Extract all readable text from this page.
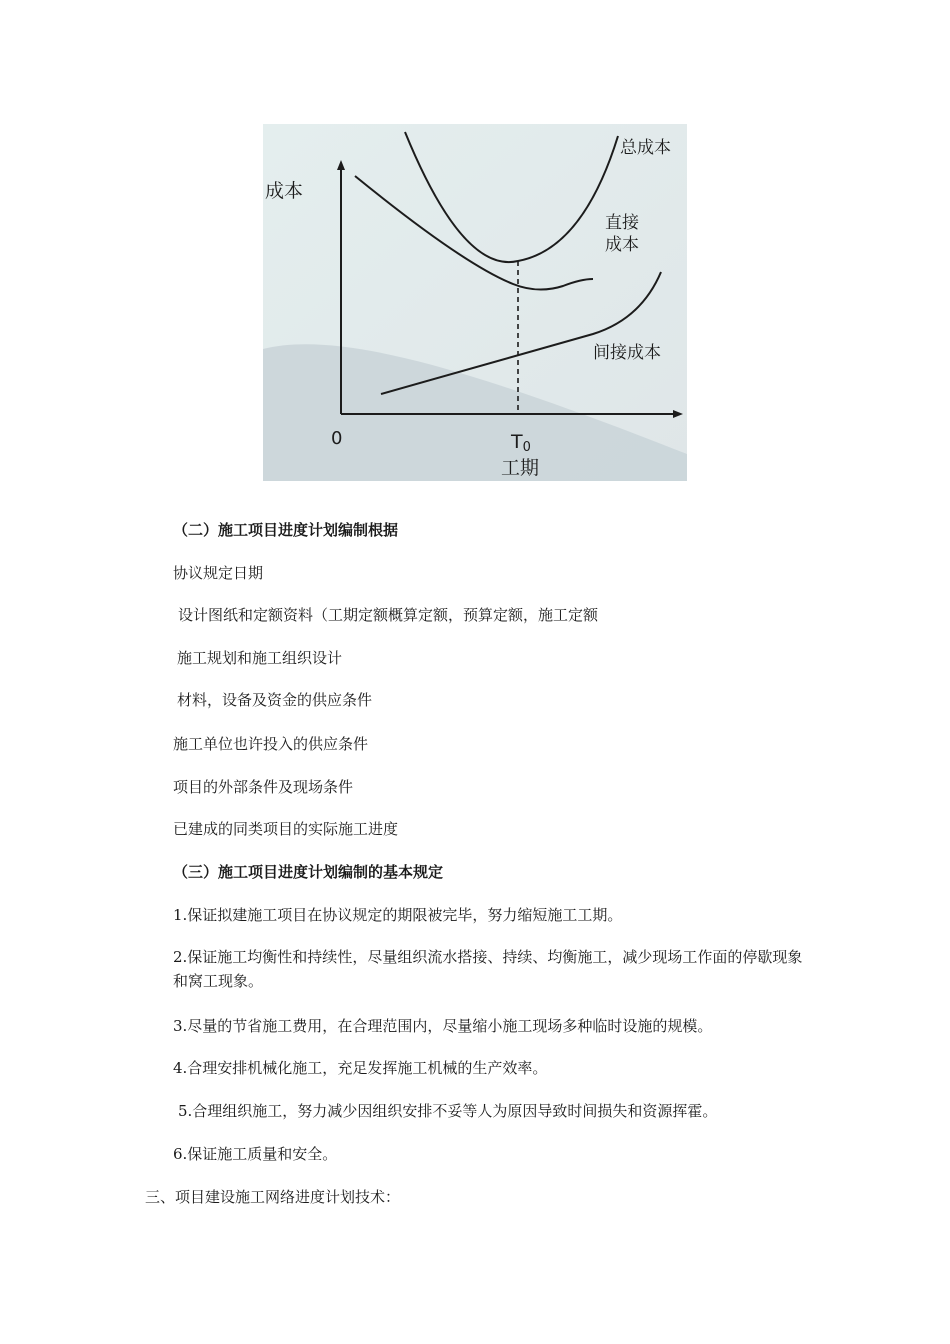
成本
0	T0
工期
总成本
直接
成本
间接成本
（二）施工项目进度计划编制根据
协议规定日期
设计图纸和定额资料（工期定额概算定额，预算定额，施工定额
施工规划和施工组织设计
材料，设备及资金的供应条件
施工单位也许投入的供应条件
项目的外部条件及现场条件
已建成的同类项目的实际施工进度
（三）施工项目进度计划编制的基本规定
1.保证拟建施工项目在协议规定的期限被完毕，努力缩短施工工期。
2.保证施工均衡性和持续性，尽量组织流水搭接、持续、均衡施工，减少现场工作面的停歇现象和窝工现象。
3.尽量的节省施工费用，在合理范围内，尽量缩小施工现场多种临时设施的规模。
4.合理安排机械化施工，充足发挥施工机械的生产效率。
5.合理组织施工，努力减少因组织安排不妥等人为原因导致时间损失和资源挥霍。
6.保证施工质量和安全。
三、项目建设施工网络进度计划技术：
